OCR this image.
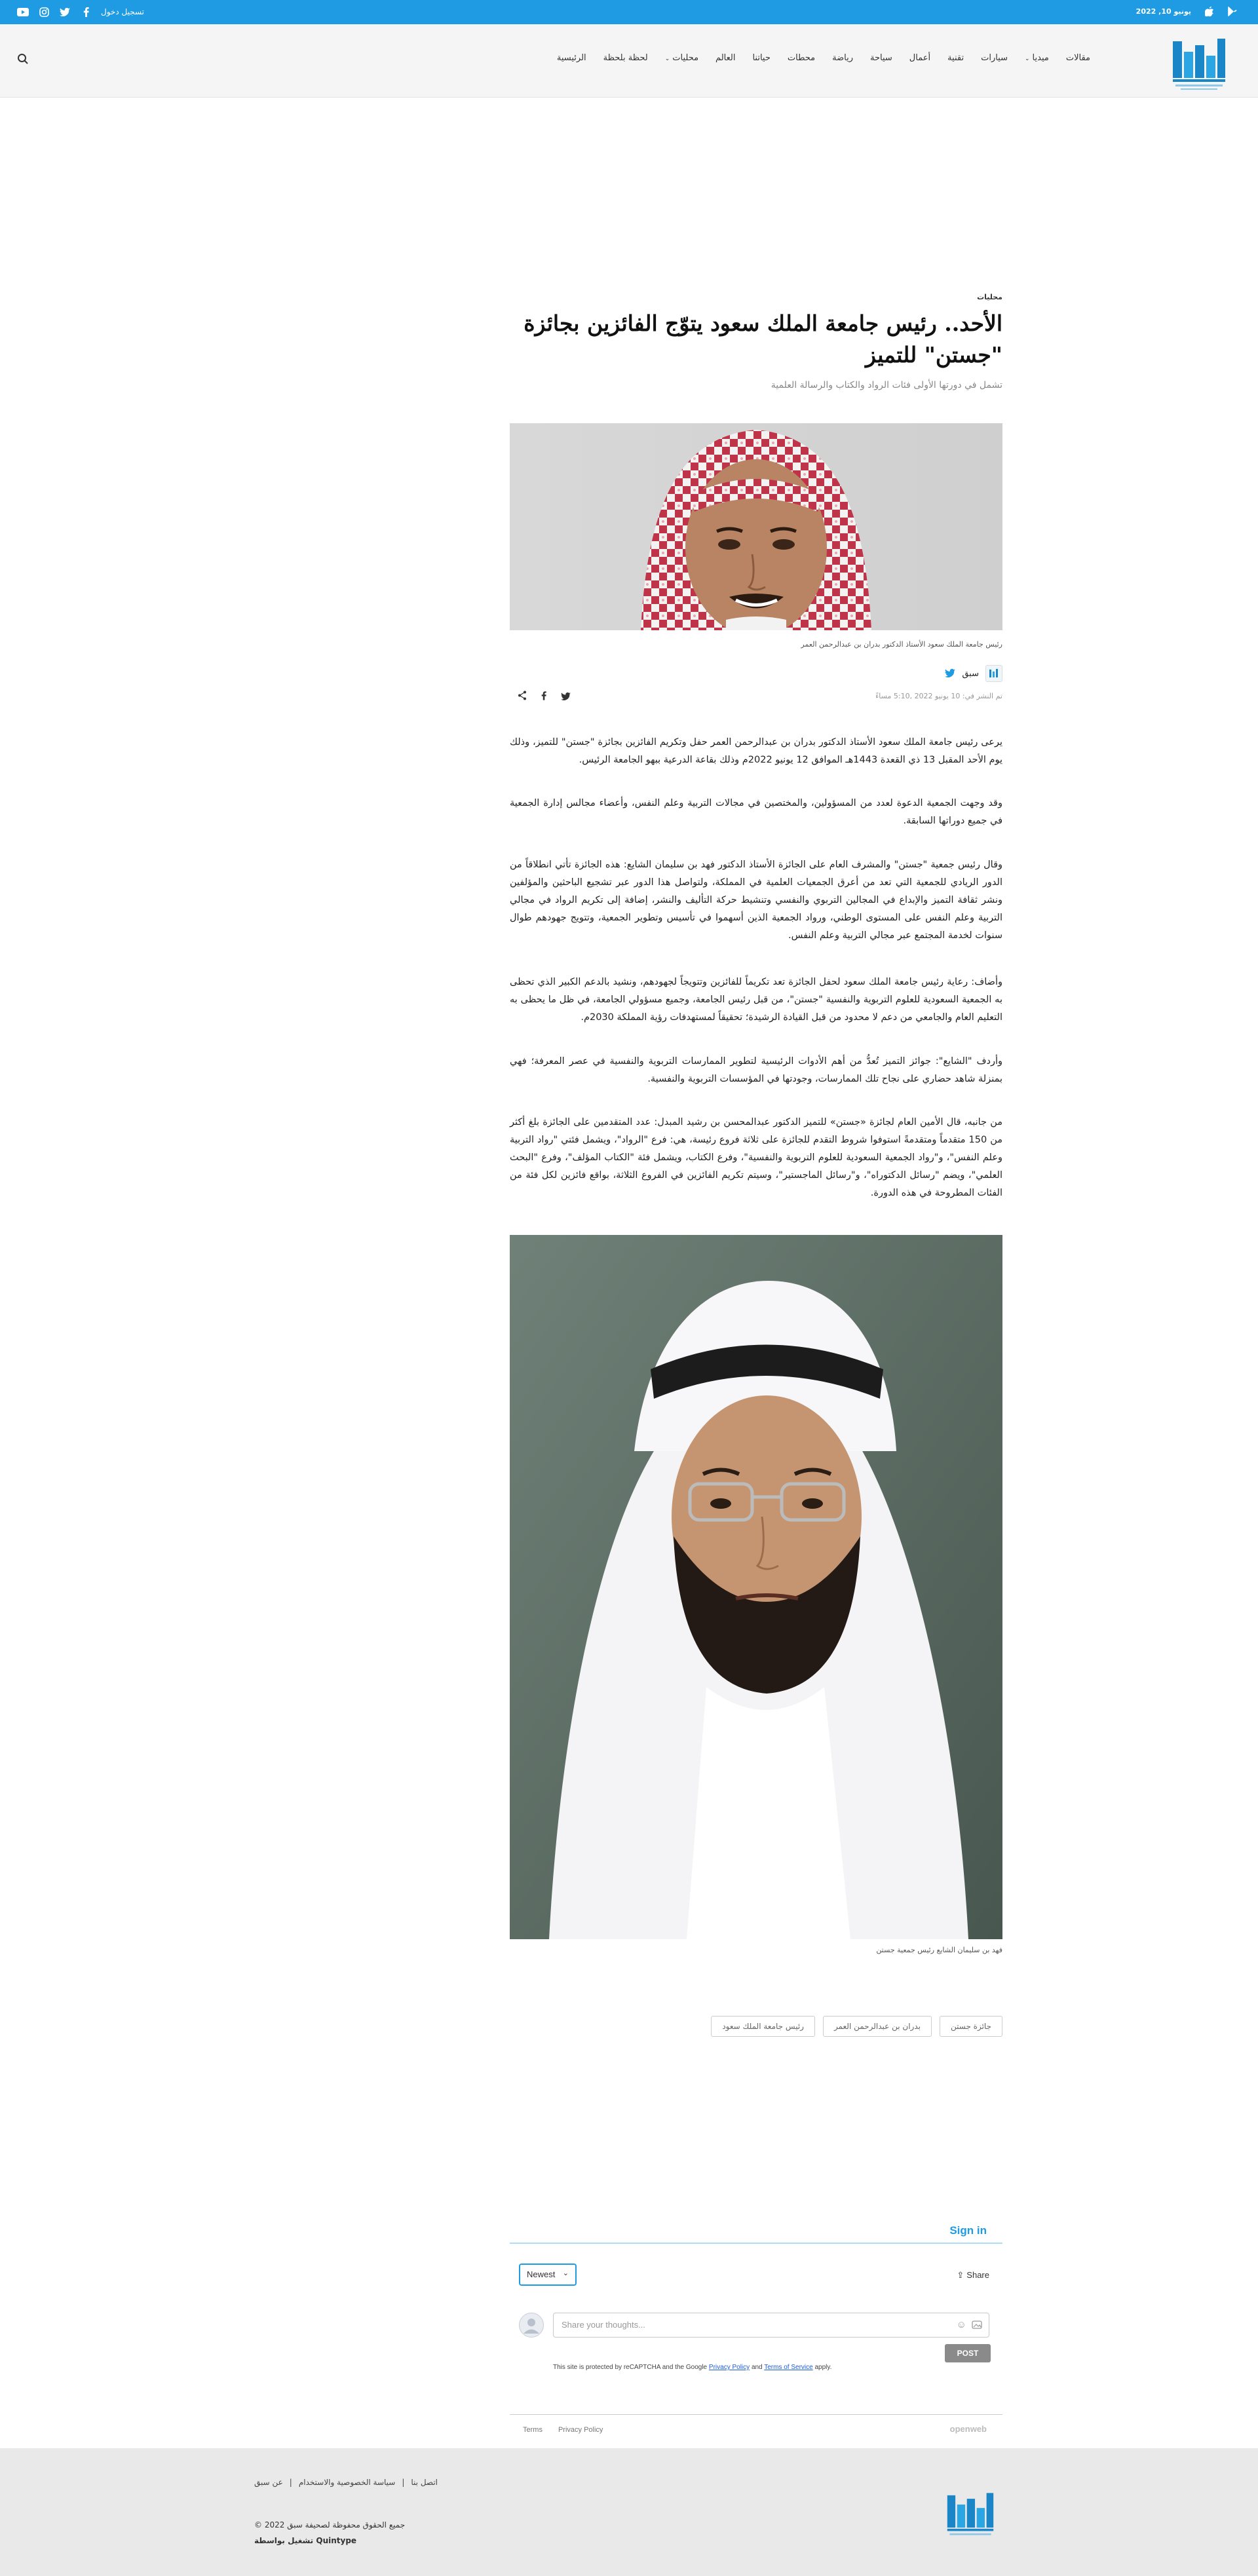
يونيو 10, 2022
تسجيل دخول
الرئيسية لحظة بلحظة	محليات⌄	العالم حياتنا محطات رياضة سياحة أعمال تقنية سيارات	ميديا⌄	مقالات
محليات
الأحد.. رئيس جامعة الملك سعود يتوّج الفائزين بجائزة "جستن" للتميز
تشمل في دورتها الأولى فئات الرواد والكتاب والرسالة العلمية
رئيس جامعة الملك سعود الأستاذ الدكتور بدران بن عبدالرحمن العمر
سبق
تم النشر في: 10 يونيو 2022 ,5:10 مساءً

يرعى رئيس جامعة الملك سعود الأستاذ الدكتور بدران بن عبدالرحمن العمر حفل وتكريم الفائزين بجائزة "جستن" للتميز، وذلك يوم الأحد المقبل 13 ذي القعدة 1443هـ الموافق 12 يونيو 2022م وذلك بقاعة الدرعية ببهو الجامعة الرئيس.

وقد وجهت الجمعية الدعوة لعدد من المسؤولين، والمختصين في مجالات التربية وعلم النفس، وأعضاء مجالس إدارة الجمعية في جميع دوراتها السابقة.

وقال رئيس جمعية "جستن" والمشرف العام على الجائزة الأستاذ الدكتور فهد بن سليمان الشايع: هذه الجائزة تأتي انطلاقاً من الدور الريادي للجمعية التي تعد من أعرق الجمعيات العلمية في المملكة، ولتواصل هذا الدور عبر تشجيع الباحثين والمؤلفين ونشر ثقافة التميز والإبداع في المجالين التربوي والنفسي وتنشيط حركة التأليف والنشر، إضافة إلى تكريم الرواد في مجالي التربية وعلم النفس على المستوى الوطني، ورواد الجمعية الذين أسهموا في تأسيس وتطوير الجمعية، وتتويج جهودهم طوال سنوات لخدمة المجتمع عبر مجالي التربية وعلم النفس.

وأضاف: رعاية رئيس جامعة الملك سعود لحفل الجائزة تعد تكريماً للفائزين وتتويجاً لجهودهم، ونشيد بالدعم الكبير الذي تحظى به الجمعية السعودية للعلوم التربوية والنفسية "جستن"، من قبل رئيس الجامعة، وجميع مسؤولي الجامعة، في ظل ما يحظى به التعليم العام والجامعي من دعم لا محدود من قبل القيادة الرشيدة؛ تحقيقاً لمستهدفات رؤية المملكة 2030م.

وأردف "الشايع": جوائز التميز تُعدُّ من أهم الأدوات الرئيسية لتطوير الممارسات التربوية والنفسية في عصر المعرفة؛ فهي بمنزلة شاهد حضاري على نجاح تلك الممارسات، وجودتها في المؤسسات التربوية والنفسية.

من جانبه، قال الأمين العام لجائزة «جستن» للتميز الدكتور عبدالمحسن بن رشيد المبدل: عدد المتقدمين على الجائزة بلغ أكثر من 150 متقدماً ومتقدمةً استوفوا شروط التقدم للجائزة على ثلاثة فروع رئيسة، هي: فرع "الرواد"، ويشمل فئتي "رواد التربية وعلم النفس"، و"رواد الجمعية السعودية للعلوم التربوية والنفسية"، وفرع الكتاب، ويشمل فئة "الكتاب المؤلف"، وفرع "البحث العلمي"، ويضم "رسائل الدكتوراه"، و"رسائل الماجستير"، وسيتم تكريم الفائزين في الفروع الثلاثة، بواقع فائزين لكل فئة من الفئات المطروحة في هذه الدورة.

فهد بن سليمان الشايع رئيس جمعية جستن
رئيس جامعة الملك سعود	بدران بن عبدالرحمن العمر	جائزة جستن
Sign in
Newest ⌄	⇪ Share
Share your thoughts...	☺
POST
This site is protected by reCAPTCHA and the Google Privacy Policy and Terms of Service apply.
Terms Privacy Policy	openweb
عن سبق | سياسة الخصوصية والاستخدام | اتصل بنا
© 2022 جميع الحقوق محفوظة لصحيفة سبق
تشغيل بواسطة Quintype
